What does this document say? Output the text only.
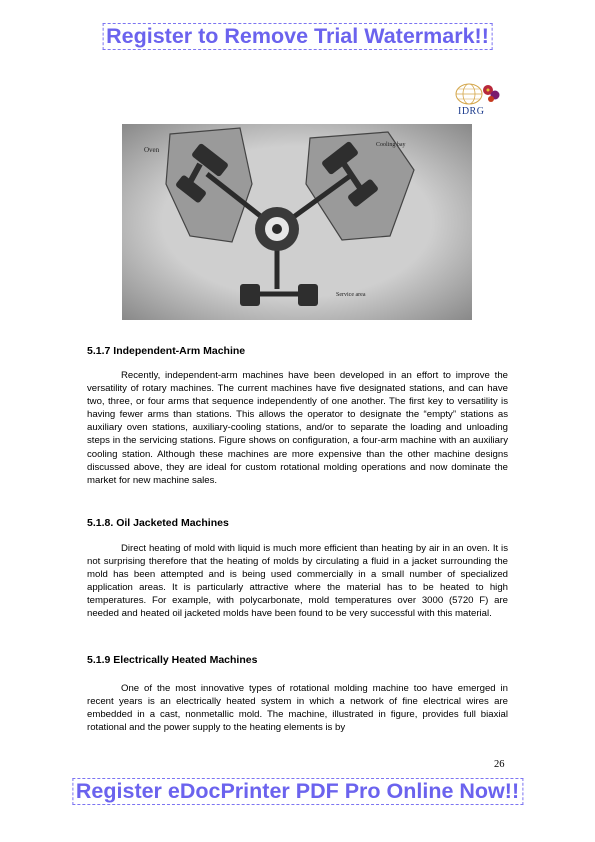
Register to Remove Trial Watermark!!
IDRG
Oven
Cooling bay
Service area
5.1.7 Independent-Arm Machine

Recently, independent-arm machines have been developed in an effort to improve the versatility of rotary machines. The current machines have five designated stations, and can have two, three, or four arms that sequence independently of one another. The first key to versatility is having fewer arms than stations. This allows the operator to designate the “empty” stations as auxiliary oven stations, auxiliary-cooling stations, and/or to separate the loading and unloading steps in the servicing stations. Figure shows on configuration, a four-arm machine with an auxiliary cooling station. Although these machines are more expensive than the other machine designs discussed above, they are ideal for custom rotational molding operations and now dominate the market for new machine sales.

5.1.8. Oil Jacketed Machines

Direct heating of mold with liquid is much more efficient than heating by air in an oven. It is not surprising therefore that the heating of molds by circulating a fluid in a jacket surrounding the mold has been attempted and is being used commercially in a small number of specialized application areas. It is particularly attractive where the material has to be heated to high temperatures. For example, with polycarbonate, mold temperatures over 3000 (5720 F) are needed and heated oil jacketed molds have been found to be very successful with this material.

5.1.9 Electrically Heated Machines

One of the most innovative types of rotational molding machine too have emerged in recent years is an electrically heated system in which a network of fine electrical wires are embedded in a cast, nonmetallic mold. The machine, illustrated in figure, provides full biaxial rotational and the power supply to the heating elements is by

26
Register eDocPrinter PDF Pro Online Now!!
